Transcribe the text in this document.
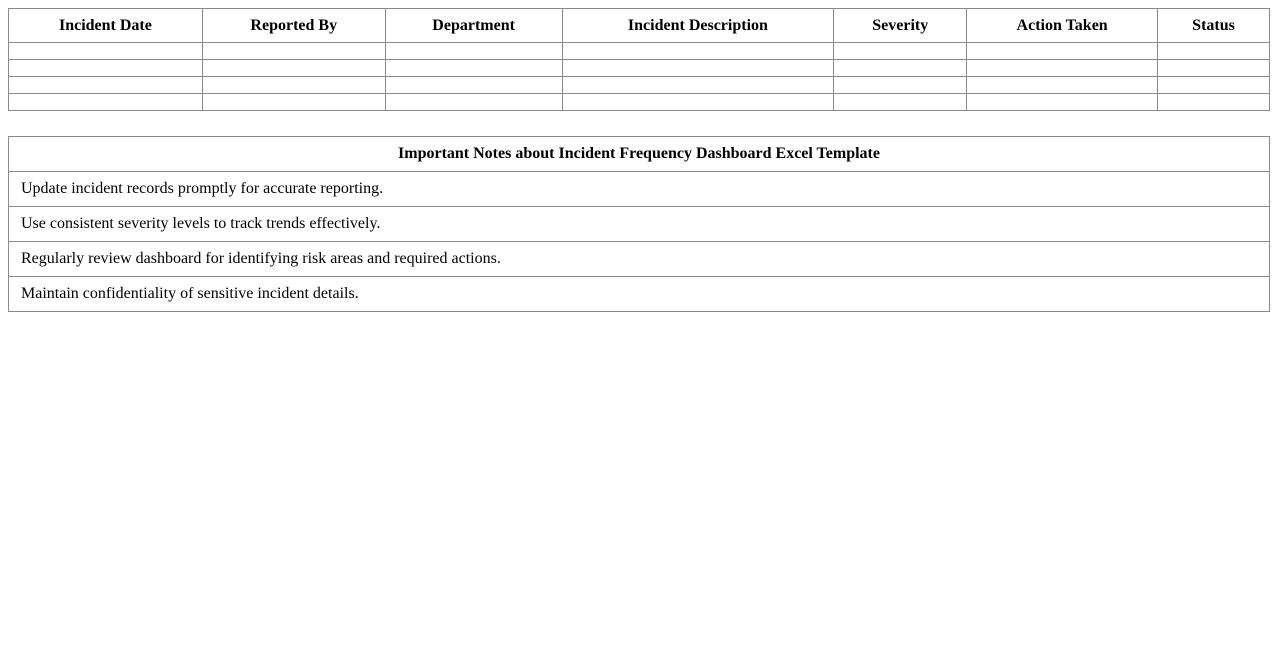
Incident Date	Reported By	Department	Incident Description	Severity	Action Taken	Status

Important Notes about Incident Frequency Dashboard Excel Template
Update incident records promptly for accurate reporting.
Use consistent severity levels to track trends effectively.
Regularly review dashboard for identifying risk areas and required actions.
Maintain confidentiality of sensitive incident details.
